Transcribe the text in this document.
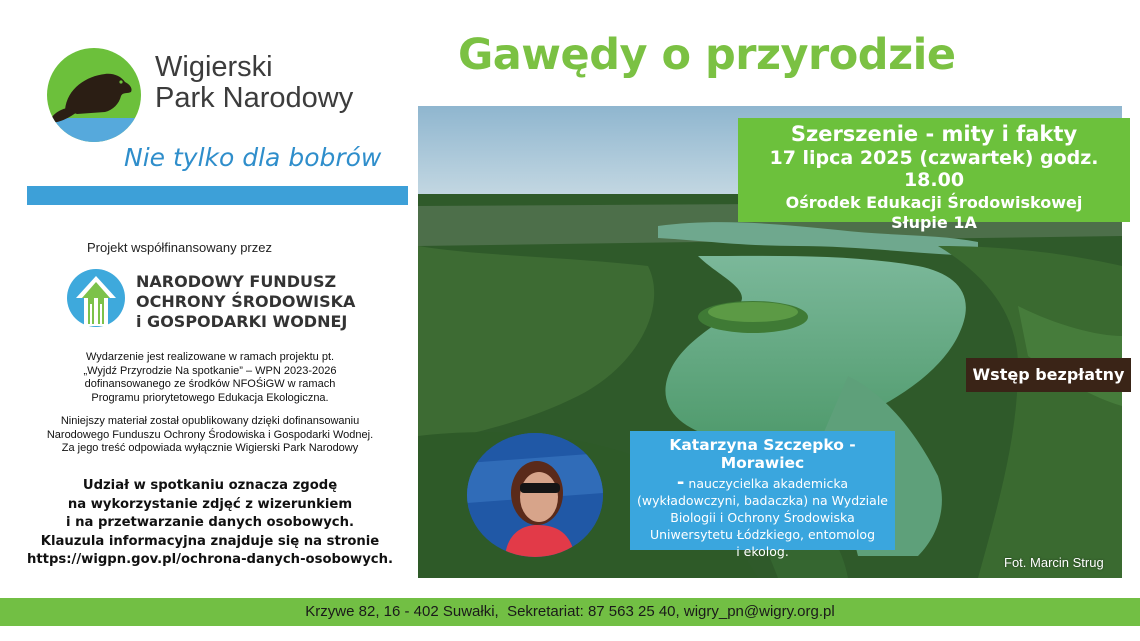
Wigierski
Park Narodowy
Nie tylko dla bobrów
Projekt współfinansowany przez
NARODOWY FUNDUSZ
OCHRONY ŚRODOWISKA
i GOSPODARKI WODNEJ
Wydarzenie jest realizowane w ramach projektu pt.
„Wyjdź Przyrodzie Na spotkanie” – WPN 2023-2026
dofinansowanego ze środków NFOŚiGW w ramach
Programu priorytetowego Edukacja Ekologiczna.
Niniejszy materiał został opublikowany dzięki dofinansowaniu
Narodowego Funduszu Ochrony Środowiska i Gospodarki Wodnej.
Za jego treść odpowiada wyłącznie Wigierski Park Narodowy
Udział w spotkaniu oznacza zgodę
na wykorzystanie zdjęć z wizerunkiem
i na przetwarzanie danych osobowych.
Klauzula informacyjna znajduje się na stronie
https://wigpn.gov.pl/ochrona-danych-osobowych.
Gawędy o przyrodzie
Szerszenie - mity i fakty
17 lipca 2025 (czwartek) godz. 18.00
Ośrodek Edukacji Środowiskowej
Słupie 1A
Wstęp bezpłatny
Katarzyna Szczepko - Morawiec
- nauczycielka akademicka
(wykładowczyni, badaczka) na Wydziale
Biologii i Ochrony Środowiska
Uniwersytetu Łódzkiego, entomolog
i ekolog.
Fot. Marcin Strug
Krzywe 82, 16 - 402 Suwałki, Sekretariat: 87 563 25 40, wigry_pn@wigry.org.pl
